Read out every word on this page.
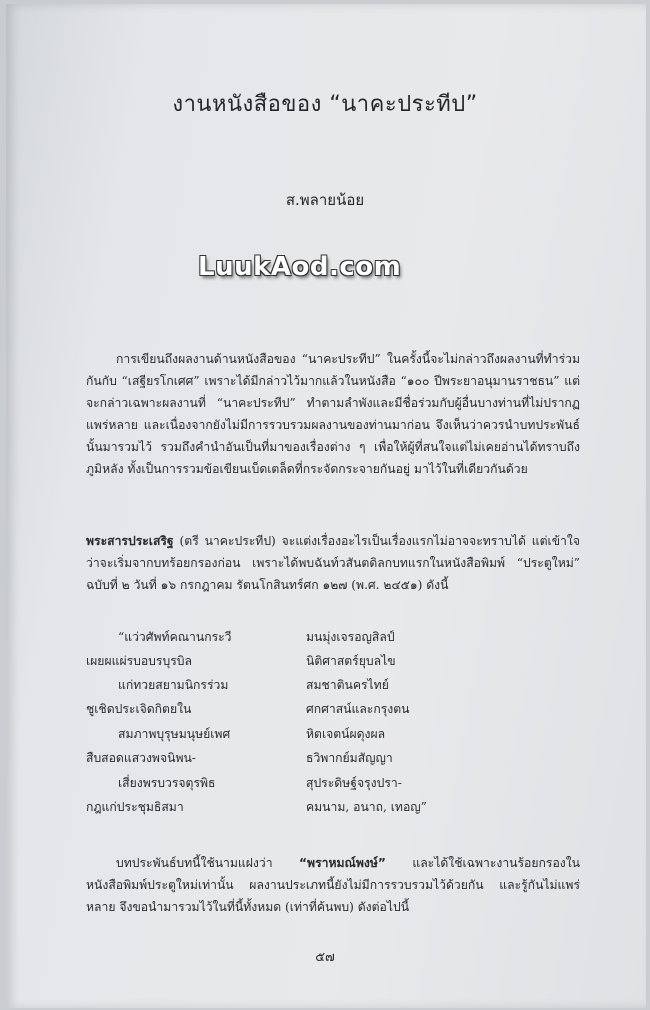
งานหนังสือของ “นาคะประทีป”
ส.พลายน้อย
LuukAod.com

การเขียนถึงผลงานด้านหนังสือของ “นาคะประทีป” ในครั้งนี้จะไม่กล่าวถึงผลงานที่ทำร่วมกันกับ “เสฐียรโกเศศ” เพราะได้มีกล่าวไว้มากแล้วในหนังสือ “๑๐๐ ปีพระยาอนุมานราชธน” แต่จะกล่าวเฉพาะผลงานที่ “นาคะประทีป” ทำตามลำพังและมีชื่อร่วมกับผู้อื่นบางท่านที่ไม่ปรากฏแพร่หลาย และเนื่องจากยังไม่มีการรวบรวมผลงานของท่านมาก่อน จึงเห็นว่าควรนำบทประพันธ์นั้นมารวมไว้ รวมถึงคำนำอันเป็นที่มาของเรื่องต่าง ๆ เพื่อให้ผู้ที่สนใจแต่ไม่เคยอ่านได้ทราบถึงภูมิหลัง ทั้งเป็นการรวมข้อเขียนเบ็ดเตล็ดที่กระจัดกระจายกันอยู่ มาไว้ในที่เดียวกันด้วย

พระสารประเสริฐ (ตรี นาคะประทีป) จะแต่งเรื่องอะไรเป็นเรื่องแรกไม่อาจจะทราบได้ แต่เข้าใจว่าจะเริ่มจากบทร้อยกรองก่อน เพราะได้พบฉันท์วสันตดิลกบทแรกในหนังสือพิมพ์ “ประตูใหม่” ฉบับที่ ๒ วันที่ ๑๖ กรกฎาคม รัตนโกสินทร์ศก ๑๒๗ (พ.ศ. ๒๔๕๑) ดังนี้

“แว่วศัพท์คณานกระวี
เผยผแผ่รบอบรบุรบิล
แก่ทวยสยามนิกรร่วม
ชูเชิดประเจิดกิตยใน
สมภาพบุรุษมนุษย์เพศ
สืบสอดแสวงพจนิพน-
เสี่ยงพรบวรจตุรพิธ
กฎแก่ประชุมธิสมา
มนมุ่งเจรอญสิลป์
นิติศาสตร์ยุบลไข
สมชาตินครไทย์
ศกศาสน์และกรุงตน
หิตเจตน์ผดุงผล
ธวิพากย์มสัญญา
สุประดิษฐ์จรุงปรา-
คมนาม, อนาถ, เทอญ”

บทประพันธ์บทนี้ใช้นามแฝงว่า “พราหมณ์พงษ์” และได้ใช้เฉพาะงานร้อยกรองในหนังสือพิมพ์ประตูใหม่เท่านั้น ผลงานประเภทนี้ยังไม่มีการรวบรวมไว้ด้วยกัน และรู้กันไม่แพร่หลาย จึงขอนำมารวมไว้ในที่นี้ทั้งหมด (เท่าที่ค้นพบ) ดังต่อไปนี้

๕๗
